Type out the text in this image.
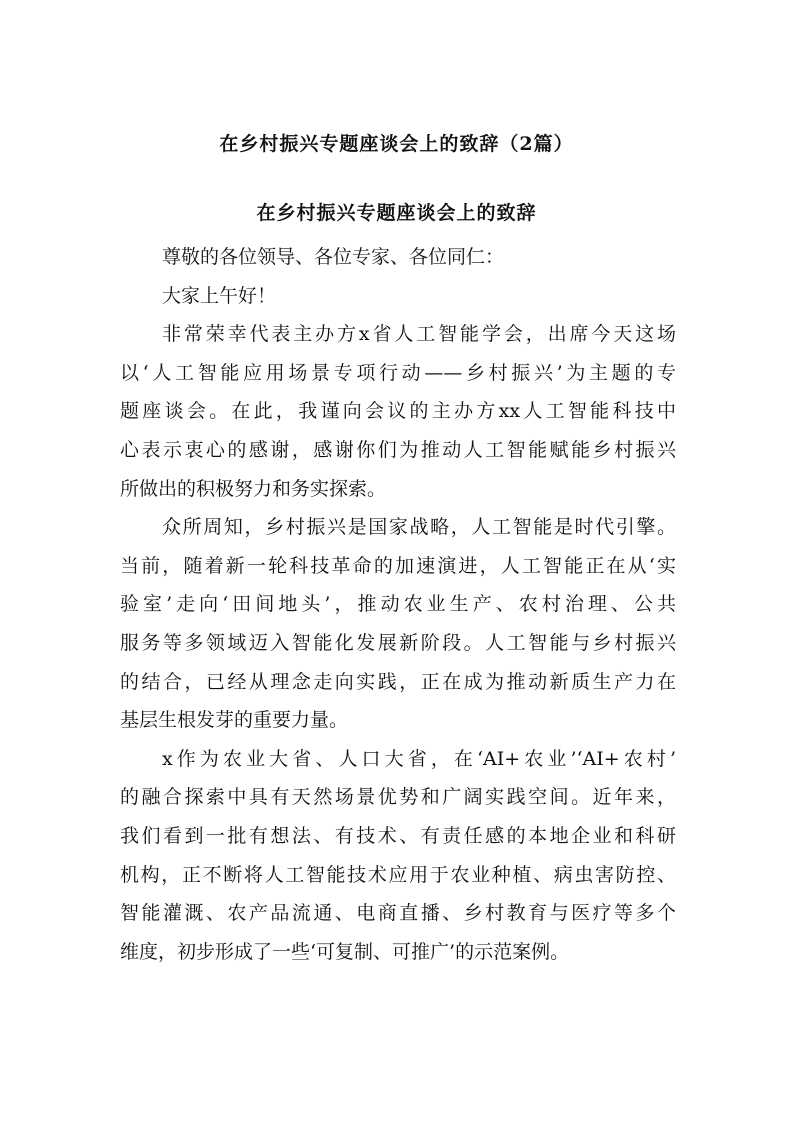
在乡村振兴专题座谈会上的致辞（2篇）
在乡村振兴专题座谈会上的致辞
尊敬的各位领导、各位专家、各位同仁：
大家上午好！
非常荣幸代表主办方x省人工智能学会，出席今天这场
以‘人工智能应用场景专项行动——乡村振兴’为主题的专
题座谈会。在此，我谨向会议的主办方xx人工智能科技中
心表示衷心的感谢，感谢你们为推动人工智能赋能乡村振兴
所做出的积极努力和务实探索。
众所周知，乡村振兴是国家战略，人工智能是时代引擎。
当前，随着新一轮科技革命的加速演进，人工智能正在从‘实
验室’走向‘田间地头’，推动农业生产、农村治理、公共
服务等多领域迈入智能化发展新阶段。人工智能与乡村振兴
的结合，已经从理念走向实践，正在成为推动新质生产力在
基层生根发芽的重要力量。
x作为农业大省、人口大省，在‘AI+农业’‘AI+农村’
的融合探索中具有天然场景优势和广阔实践空间。近年来，
我们看到一批有想法、有技术、有责任感的本地企业和科研
机构，正不断将人工智能技术应用于农业种植、病虫害防控、
智能灌溉、农产品流通、电商直播、乡村教育与医疗等多个
维度，初步形成了一些‘可复制、可推广’的示范案例。
